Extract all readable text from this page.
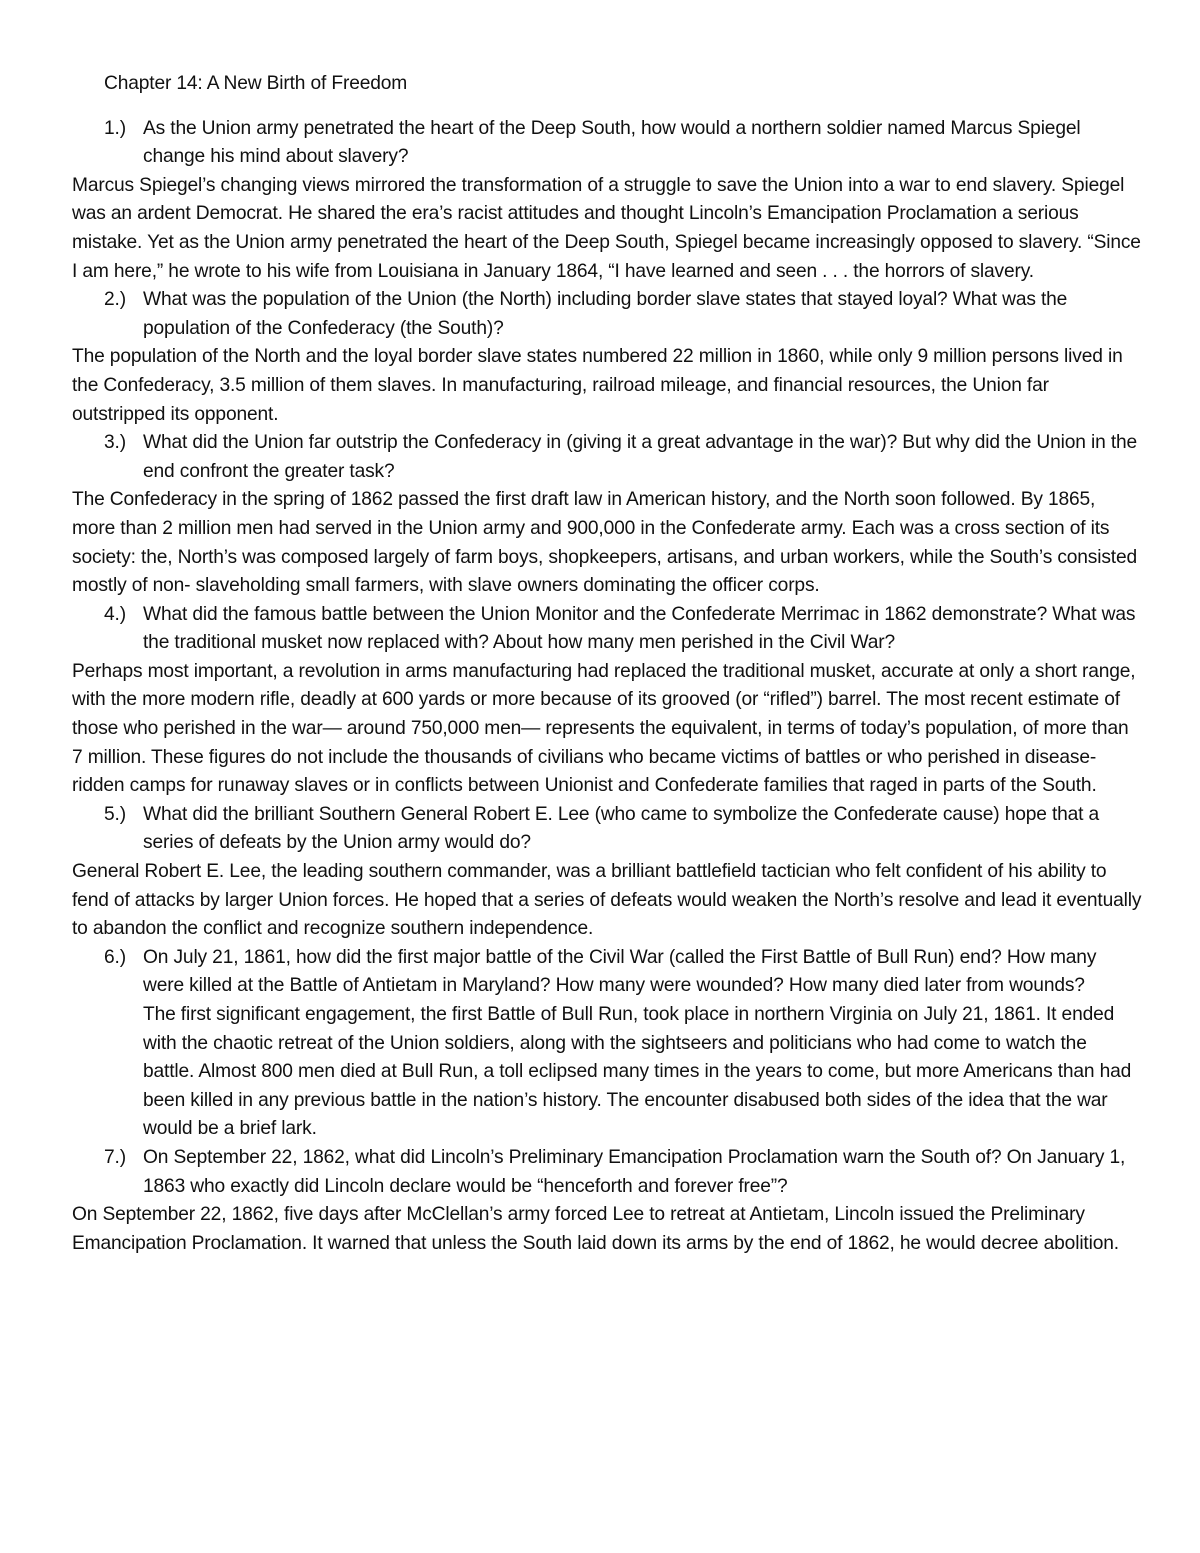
Chapter 14: A New Birth of Freedom

1.) As the Union army penetrated the heart of the Deep South, how would a northern soldier named Marcus Spiegel change his mind about slavery?

Marcus Spiegel’s changing views mirrored the transformation of a struggle to save the Union into a war to end slavery. Spiegel was an ardent Democrat. He shared the era’s racist attitudes and thought Lincoln’s Emancipation Proclamation a serious mistake. Yet as the Union army penetrated the heart of the Deep South, Spiegel became increasingly opposed to slavery. “Since I am here,” he wrote to his wife from Louisiana in January 1864, “I have learned and seen . . . the horrors of slavery.

2.) What was the population of the Union (the North) including border slave states that stayed loyal? What was the population of the Confederacy (the South)?

The population of the North and the loyal border slave states numbered 22 million in 1860, while only 9 million persons lived in the Confederacy, 3.5 million of them slaves. In manufacturing, railroad mileage, and financial resources, the Union far outstripped its opponent.

3.) What did the Union far outstrip the Confederacy in (giving it a great advantage in the war)? But why did the Union in the end confront the greater task?

The Confederacy in the spring of 1862 passed the first draft law in American history, and the North soon followed. By 1865, more than 2 million men had served in the Union army and 900,000 in the Confederate army. Each was a cross section of its society: the, North’s was composed largely of farm boys, shopkeepers, artisans, and urban workers, while the South’s consisted mostly of non- slaveholding small farmers, with slave owners dominating the officer corps.

4.) What did the famous battle between the Union Monitor and the Confederate Merrimac in 1862 demonstrate? What was the traditional musket now replaced with? About how many men perished in the Civil War?

Perhaps most important, a revolution in arms manufacturing had replaced the traditional musket, accurate at only a short range, with the more modern rifle, deadly at 600 yards or more because of its grooved (or “rifled”) barrel. The most recent estimate of those who perished in the war— around 750,000 men— represents the equivalent, in terms of today’s population, of more than 7 million. These figures do not include the thousands of civilians who became victims of battles or who perished in disease- ridden camps for runaway slaves or in conflicts between Unionist and Confederate families that raged in parts of the South.

5.) What did the brilliant Southern General Robert E. Lee (who came to symbolize the Confederate cause) hope that a series of defeats by the Union army would do?

General Robert E. Lee, the leading southern commander, was a brilliant battlefield tactician who felt confident of his ability to fend of attacks by larger Union forces. He hoped that a series of defeats would weaken the North’s resolve and lead it eventually to abandon the conflict and recognize southern independence.

6.) On July 21, 1861, how did the first major battle of the Civil War (called the First Battle of Bull Run) end? How many were killed at the Battle of Antietam in Maryland? How many were wounded? How many died later from wounds?

The first significant engagement, the first Battle of Bull Run, took place in northern Virginia on July 21, 1861. It ended with the chaotic retreat of the Union soldiers, along with the sightseers and politicians who had come to watch the battle. Almost 800 men died at Bull Run, a toll eclipsed many times in the years to come, but more Americans than had been killed in any previous battle in the nation’s history. The encounter disabused both sides of the idea that the war would be a brief lark.

7.) On September 22, 1862, what did Lincoln’s Preliminary Emancipation Proclamation warn the South of? On January 1, 1863 who exactly did Lincoln declare would be “henceforth and forever free”?

On September 22, 1862, five days after McClellan’s army forced Lee to retreat at Antietam, Lincoln issued the Preliminary Emancipation Proclamation. It warned that unless the South laid down its arms by the end of 1862, he would decree abolition.
